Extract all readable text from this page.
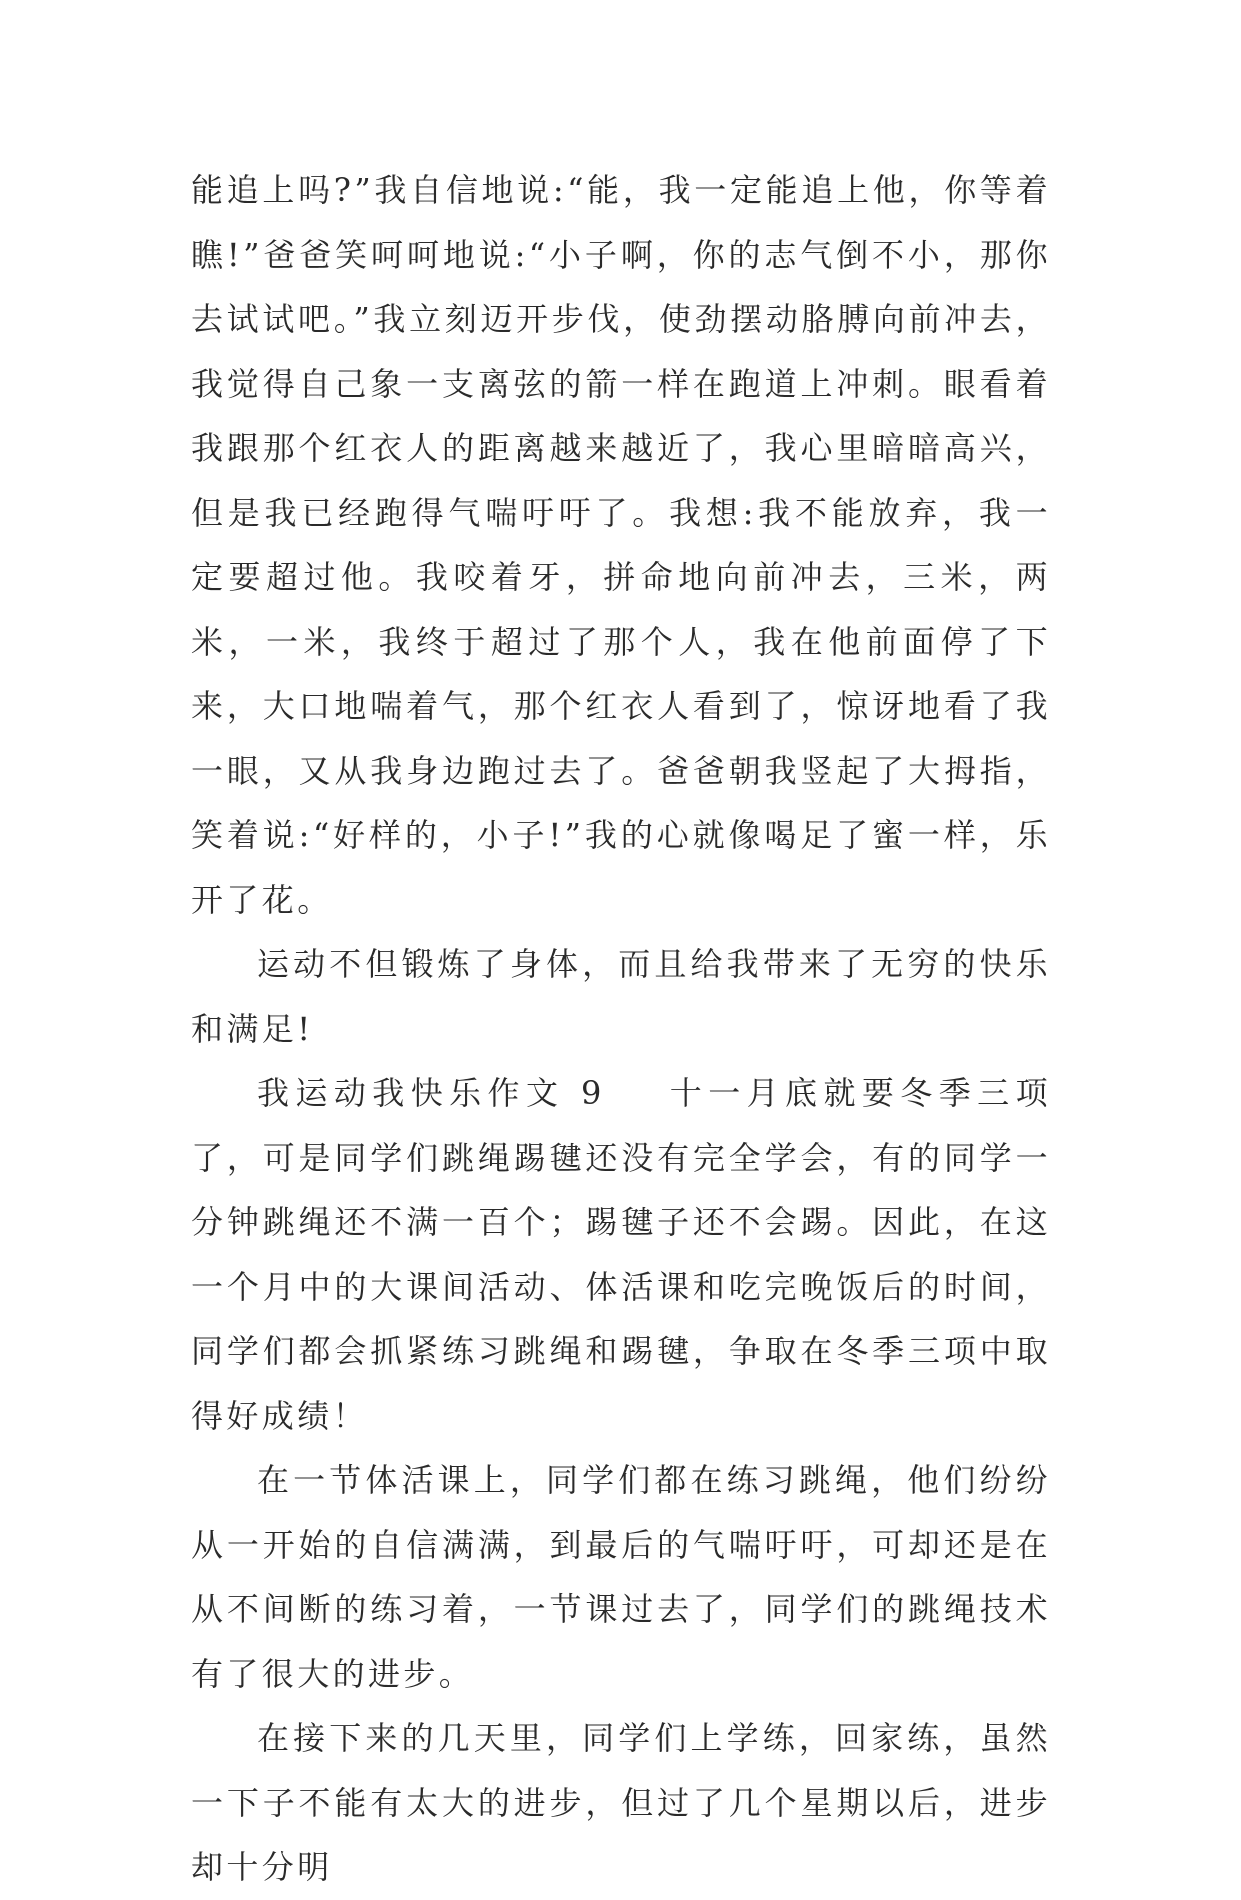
能追上吗?”我自信地说:“能，我一定能追上他，你等着瞧!”爸爸笑呵呵地说:“小子啊，你的志气倒不小，那你去试试吧。”我立刻迈开步伐，使劲摆动胳膊向前冲去，我觉得自己象一支离弦的箭一样在跑道上冲刺。眼看着我跟那个红衣人的距离越来越近了，我心里暗暗高兴，但是我已经跑得气喘吁吁了。我想:我不能放弃，我一定要超过他。我咬着牙，拼命地向前冲去，三米，两米，一米，我终于超过了那个人，我在他前面停了下来，大口地喘着气，那个红衣人看到了，惊讶地看了我一眼，又从我身边跑过去了。爸爸朝我竖起了大拇指，笑着说:“好样的，小子!”我的心就像喝足了蜜一样，乐开了花。

运动不但锻炼了身体，而且给我带来了无穷的快乐和满足!

我运动我快乐作文 9 十一月底就要冬季三项了，可是同学们跳绳踢毽还没有完全学会，有的同学一分钟跳绳还不满一百个；踢毽子还不会踢。因此，在这一个月中的大课间活动、体活课和吃完晚饭后的时间，同学们都会抓紧练习跳绳和踢毽，争取在冬季三项中取得好成绩！

在一节体活课上，同学们都在练习跳绳，他们纷纷从一开始的自信满满，到最后的气喘吁吁，可却还是在从不间断的练习着，一节课过去了，同学们的跳绳技术有了很大的进步。

在接下来的几天里，同学们上学练，回家练，虽然一下子不能有太大的进步，但过了几个星期以后，进步却十分明
